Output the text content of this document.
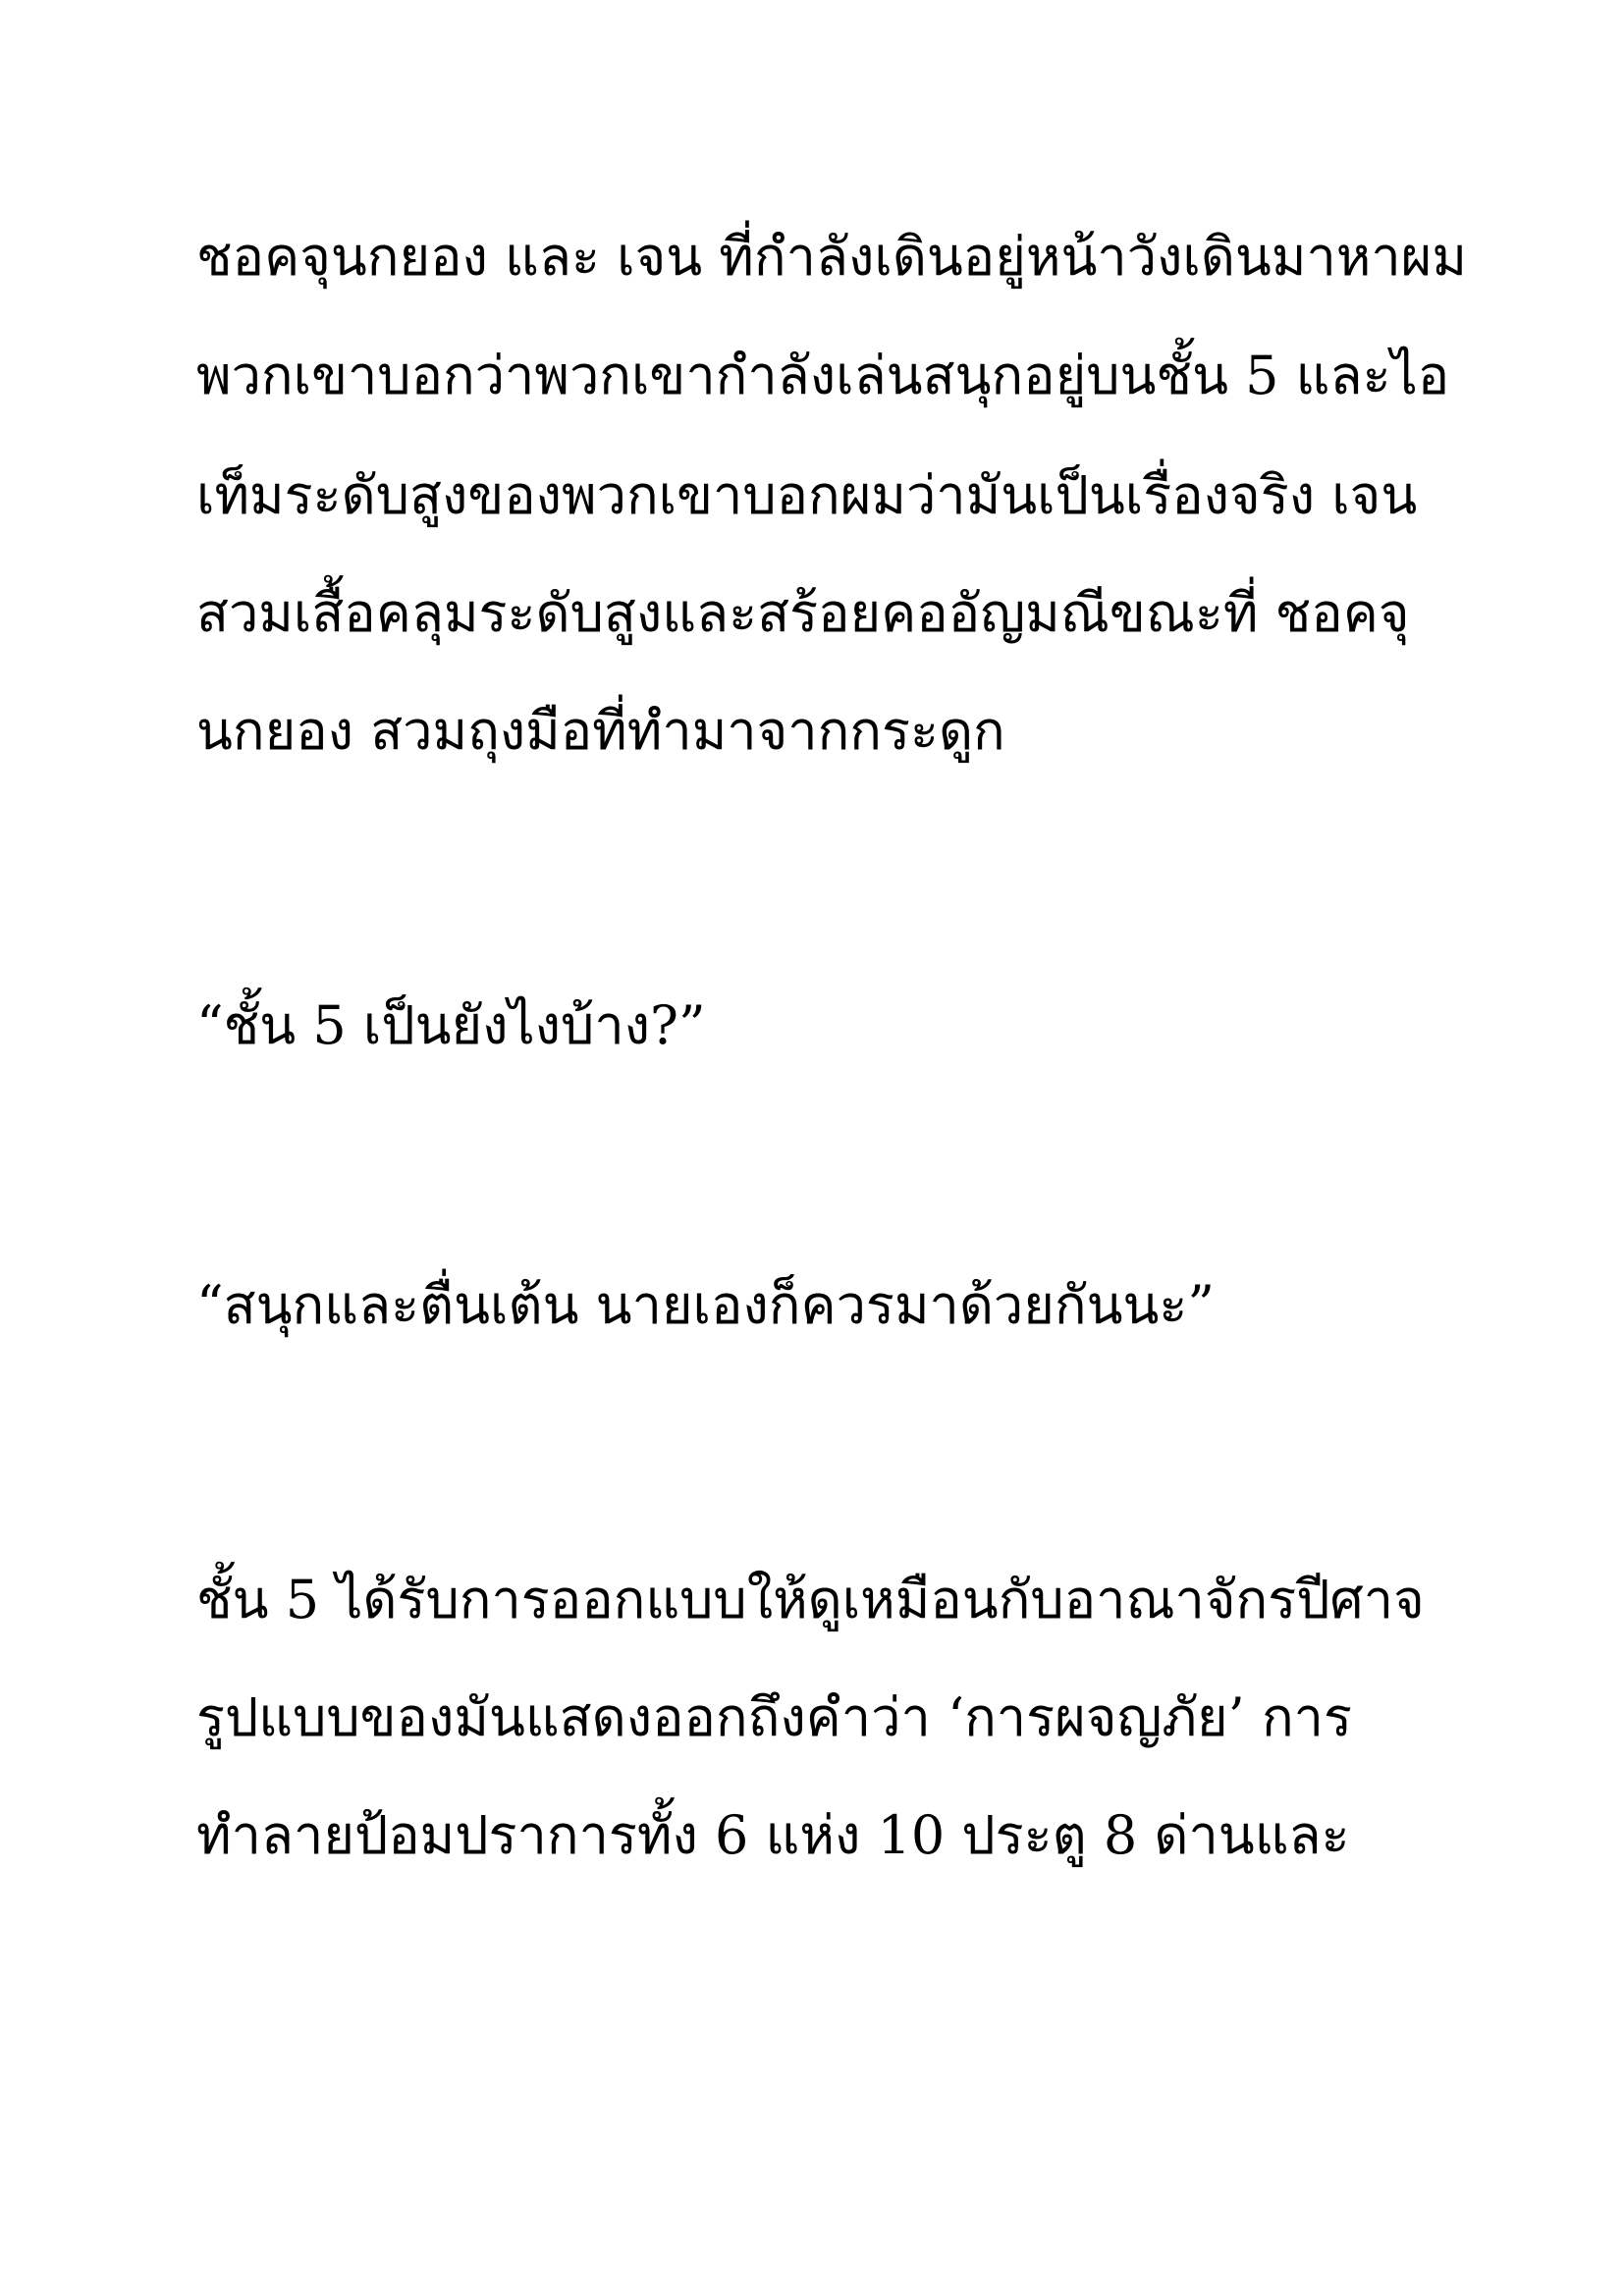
ชอคจุนกยอง และ เจน ที่กำลังเดินอยู่หน้าวังเดินมาหาผม

พวกเขาบอกว่าพวกเขากำลังเล่นสนุกอยู่บนชั้น 5 และไอ

เท็มระดับสูงของพวกเขาบอกผมว่ามันเป็นเรื่องจริง เจน

สวมเสื้อคลุมระดับสูงและสร้อยคออัญมณีขณะที่ ชอคจุ

นกยอง สวมถุงมือที่ทำมาจากกระดูก

“ชั้น 5 เป็นยังไงบ้าง?”

“สนุกและตื่นเต้น นายเองก็ควรมาด้วยกันนะ”

ชั้น 5 ได้รับการออกแบบให้ดูเหมือนกับอาณาจักรปีศาจ

รูปแบบของมันแสดงออกถึงคำว่า ‘การผจญภัย’ การ

ทำลายป้อมปราการทั้ง 6 แห่ง 10 ประตู 8 ด่านและ
